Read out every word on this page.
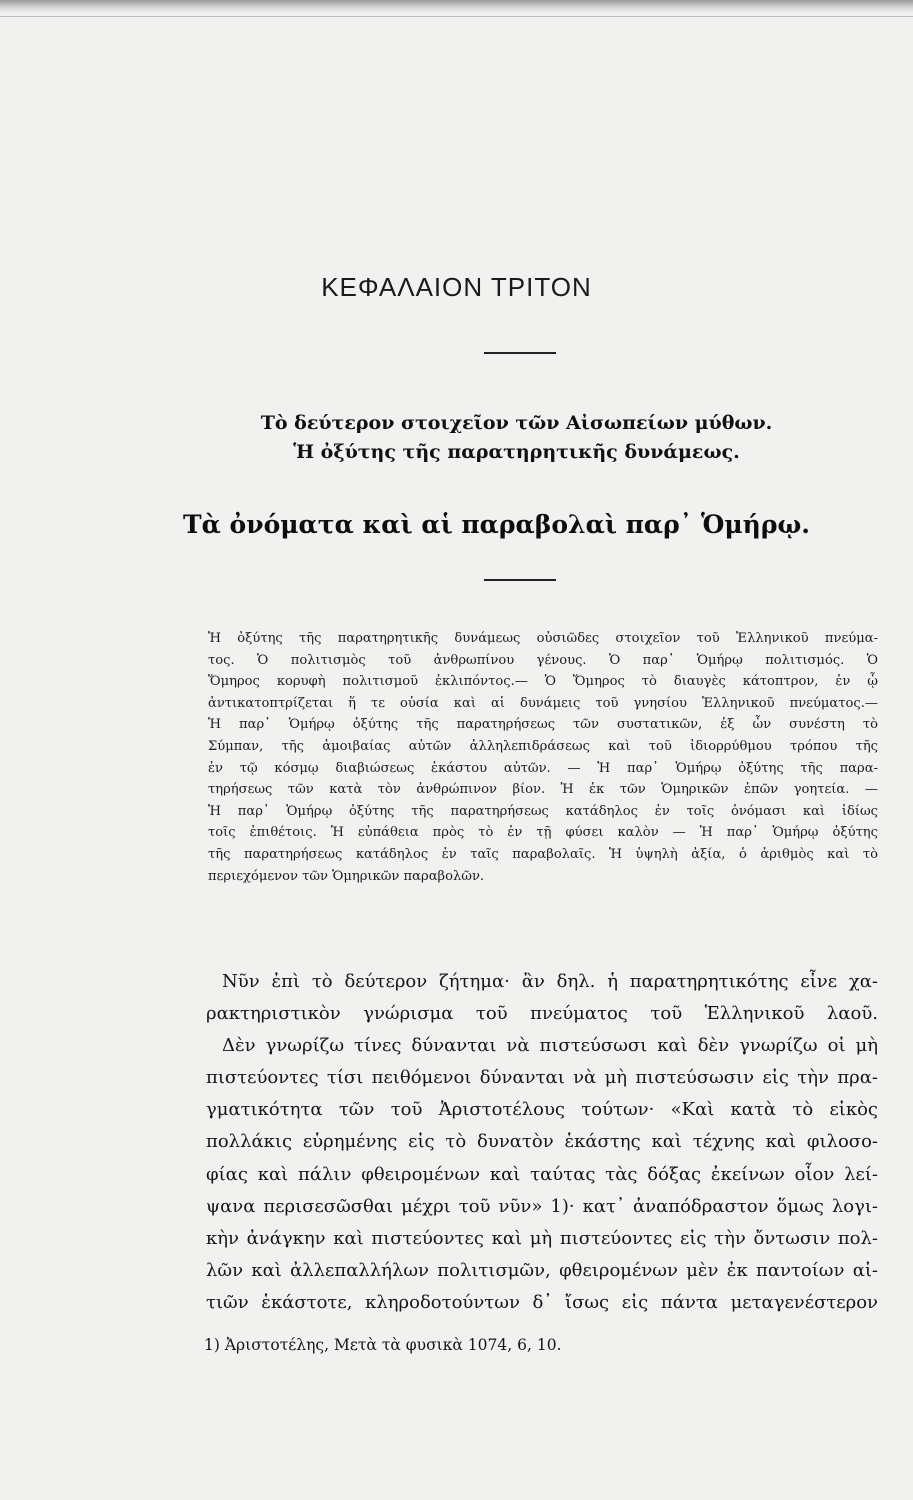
ΚΕΦΑΛΑΙΟΝ ΤΡΙΤΟΝ
Τὸ δεύτερον στοιχεῖον τῶν Αἰσωπείων μύθων.
Ἡ ὀξύτης τῆς παρατηρητικῆς δυνάμεως.
Τὰ ὀνόματα καὶ αἱ παραβολαὶ παρ᾽ Ὁμήρῳ.
Ἡ ὀξύτης τῆς παρατηρητικῆς δυνάμεως οὐσιῶδες στοιχεῖον τοῦ Ἑλληνικοῦ πνεύμα-
τος. Ὁ πολιτισμὸς τοῦ ἀνθρωπίνου γένους. Ὁ παρ᾽ Ὁμήρῳ πολιτισμός. Ὁ
Ὅμηρος κορυφὴ πολιτισμοῦ ἐκλιπόντος.— Ὁ Ὅμηρος τὸ διαυγὲς κάτοπτρον, ἐν ᾧ
ἀντικατοπτρίζεται ἥ τε οὐσία καὶ αἱ δυνάμεις τοῦ γνησίου Ἑλληνικοῦ πνεύματος.—
Ἡ παρ᾽ Ὁμήρῳ ὀξύτης τῆς παρατηρήσεως τῶν συστατικῶν, ἐξ ὧν συνέστη τὸ
Σύμπαν, τῆς ἀμοιβαίας αὐτῶν ἀλληλεπιδράσεως καὶ τοῦ ἰδιορρύθμου τρόπου τῆς
ἐν τῷ κόσμῳ διαβιώσεως ἑκάστου αὐτῶν. — Ἡ παρ᾽ Ὁμήρῳ ὀξύτης τῆς παρα-
τηρήσεως τῶν κατὰ τὸν ἀνθρώπινον βίον. Ἡ ἐκ τῶν Ὁμηρικῶν ἐπῶν γοητεία. —
Ἡ παρ᾽ Ὁμήρῳ ὀξύτης τῆς παρατηρήσεως κατάδηλος ἐν τοῖς ὀνόμασι καὶ ἰδίως
τοῖς ἐπιθέτοις. Ἡ εὐπάθεια πρὸς τὸ ἐν τῇ φύσει καλὸν — Ἡ παρ᾽ Ὁμήρῳ ὀξύτης
τῆς παρατηρήσεως κατάδηλος ἐν ταῖς παραβολαῖς. Ἡ ὑψηλὴ ἀξία, ὁ ἀριθμὸς καὶ τὸ
περιεχόμενον τῶν Ὁμηρικῶν παραβολῶν.
Νῦν ἐπὶ τὸ δεύτερον ζήτημα· ἂν δηλ. ἡ παρατηρητικότης εἶνε χα-
ρακτηριστικὸν γνώρισμα τοῦ πνεύματος τοῦ Ἑλληνικοῦ λαοῦ.
Δὲν γνωρίζω τίνες δύνανται νὰ πιστεύσωσι καὶ δὲν γνωρίζω οἱ μὴ
πιστεύοντες τίσι πειθόμενοι δύνανται νὰ μὴ πιστεύσωσιν εἰς τὴν πρα-
γματικότητα τῶν τοῦ Ἀριστοτέλους τούτων· «Καὶ κατὰ τὸ εἰκὸς
πολλάκις εὑρημένης εἰς τὸ δυνατὸν ἑκάστης καὶ τέχνης καὶ φιλοσο-
φίας καὶ πάλιν φθειρομένων καὶ ταύτας τὰς δόξας ἐκείνων οἷον λεί-
ψανα περισεσῶσθαι μέχρι τοῦ νῦν» 1)· κατ᾽ ἀναπόδραστον ὅμως λογι-
κὴν ἀνάγκην καὶ πιστεύοντες καὶ μὴ πιστεύοντες εἰς τὴν ὄντωσιν πολ-
λῶν καὶ ἀλλεπαλλήλων πολιτισμῶν, φθειρομένων μὲν ἐκ παντοίων αἰ-
τιῶν ἑκάστοτε, κληροδοτούντων δ᾽ ἴσως εἰς πάντα μεταγενέστερον
1) Ἀριστοτέλης, Μετὰ τὰ φυσικὰ 1074, 6, 10.
